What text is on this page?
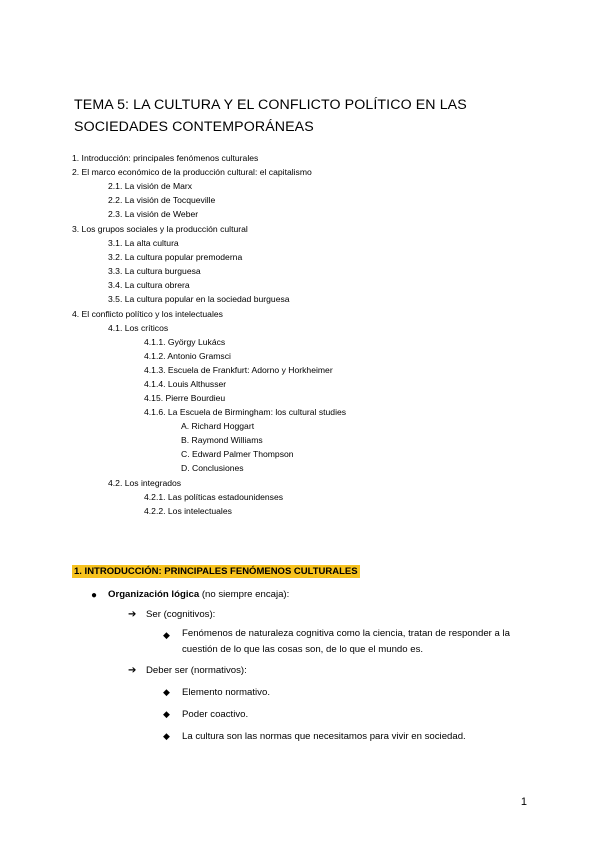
TEMA 5: LA CULTURA Y EL CONFLICTO POLÍTICO EN LAS SOCIEDADES CONTEMPORÁNEAS
1. Introducción: principales fenómenos culturales
2. El marco económico de la producción cultural: el capitalismo
2.1. La visión de Marx
2.2. La visión de Tocqueville
2.3. La visión de Weber
3. Los grupos sociales y la producción cultural
3.1. La alta cultura
3.2. La cultura popular premoderna
3.3. La cultura burguesa
3.4. La cultura obrera
3.5. La cultura popular en la sociedad burguesa
4. El conflicto político y los intelectuales
4.1. Los críticos
4.1.1. György Lukács
4.1.2. Antonio Gramsci
4.1.3. Escuela de Frankfurt: Adorno y Horkheimer
4.1.4. Louis Althusser
4.15. Pierre Bourdieu
4.1.6. La Escuela de Birmingham: los cultural studies
A. Richard Hoggart
B. Raymond Williams
C. Edward Palmer Thompson
D. Conclusiones
4.2. Los integrados
4.2.1. Las políticas estadounidenses
4.2.2. Los intelectuales
1. INTRODUCCIÓN: PRINCIPALES FENÓMENOS CULTURALES
● Organización lógica (no siempre encaja):
➔ Ser (cognitivos):
◆ Fenómenos de naturaleza cognitiva como la ciencia, tratan de responder a la cuestión de lo que las cosas son, de lo que el mundo es.
➔ Deber ser (normativos):
◆ Elemento normativo.
◆ Poder coactivo.
◆ La cultura son las normas que necesitamos para vivir en sociedad.
1
